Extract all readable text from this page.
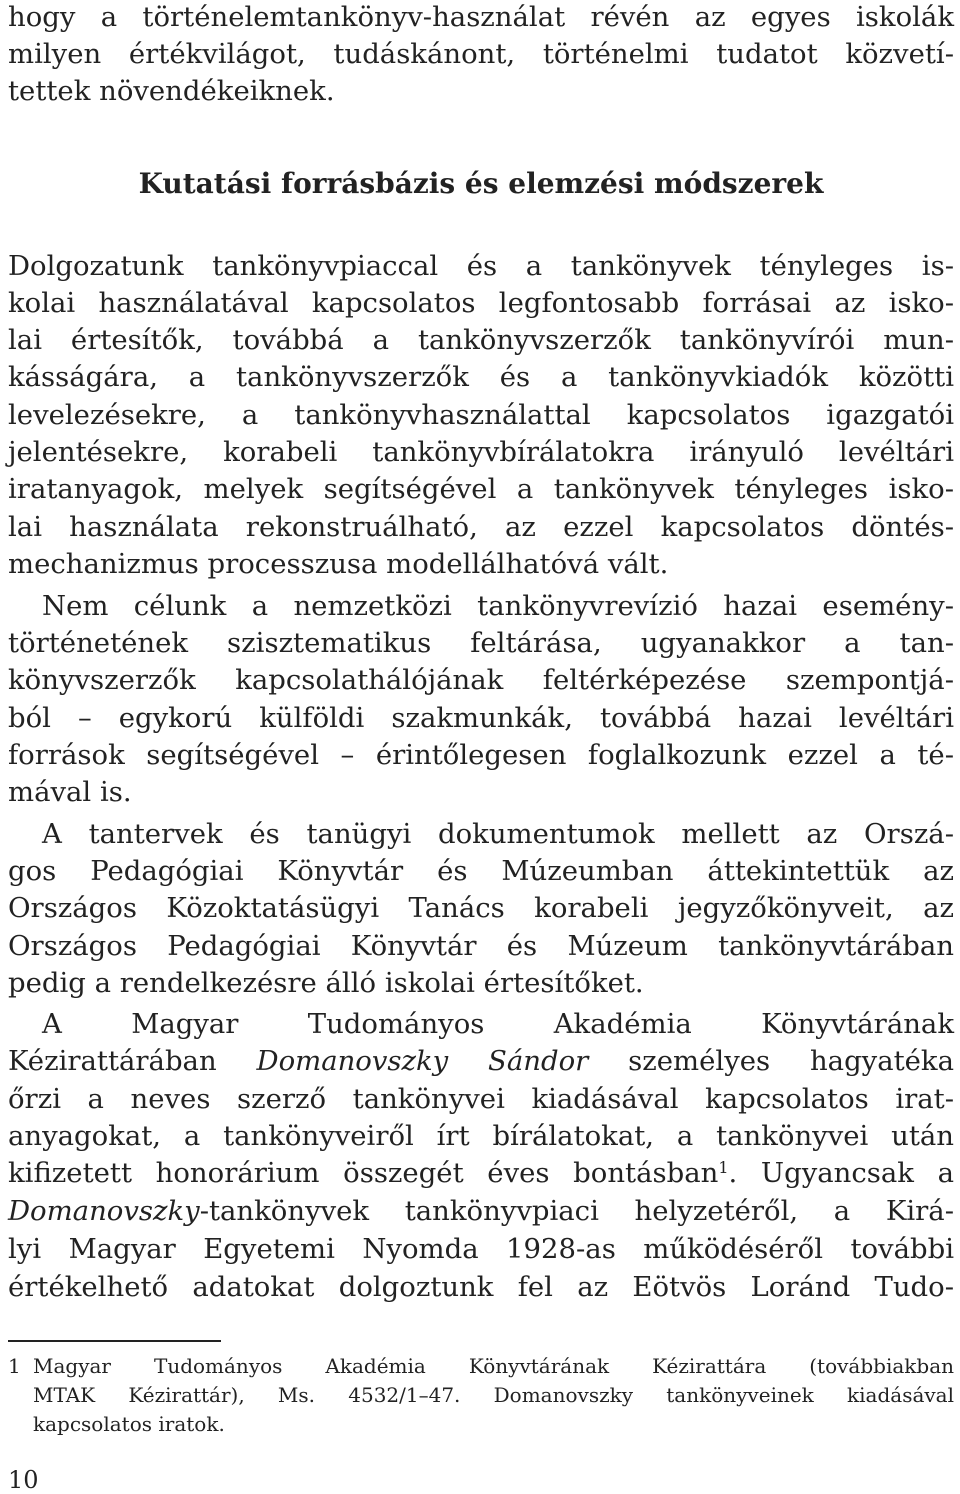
hogy a történelemtankönyv-használat révén az egyes iskolák
milyen értékvilágot, tudáskánont, történelmi tudatot közvetí-
tettek növendékeiknek.
Kutatási forrásbázis és elemzési módszerek
Dolgozatunk tankönyvpiaccal és a tankönyvek tényleges is-
kolai használatával kapcsolatos legfontosabb forrásai az isko-
lai értesítők, továbbá a tankönyvszerzők tankönyvírói mun-
kásságára, a tankönyvszerzők és a tankönyvkiadók közötti
levelezésekre, a tankönyvhasználattal kapcsolatos igazgatói
jelentésekre, korabeli tankönyvbírálatokra irányuló levéltári
iratanyagok, melyek segítségével a tankönyvek tényleges isko-
lai használata rekonstruálható, az ezzel kapcsolatos döntés-
mechanizmus processzusa modellálhatóvá vált.
Nem célunk a nemzetközi tankönyvrevízió hazai esemény-
történetének szisztematikus feltárása, ugyanakkor a tan-
könyvszerzők kapcsolathálójának feltérképezése szempontjá-
ból – egykorú külföldi szakmunkák, továbbá hazai levéltári
források segítségével – érintőlegesen foglalkozunk ezzel a té-
mával is.
A tantervek és tanügyi dokumentumok mellett az Orszá-
gos Pedagógiai Könyvtár és Múzeumban áttekintettük az
Országos Közoktatásügyi Tanács korabeli jegyzőkönyveit, az
Országos Pedagógiai Könyvtár és Múzeum tankönyvtárában
pedig a rendelkezésre álló iskolai értesítőket.
A Magyar Tudományos Akadémia Könyvtárának
Kézirattárában Domanovszky Sándor személyes hagyatéka
őrzi a neves szerző tankönyvei kiadásával kapcsolatos irat-
anyagokat, a tankönyveiről írt bírálatokat, a tankönyvei után
kifizetett honorárium összegét éves bontásban$^1$. Ugyancsak a
Domanovszky-tankönyvek tankönyvpiaci helyzetéről, a Kirá-
lyi Magyar Egyetemi Nyomda 1928-as működéséről további
értékelhető adatokat dolgoztunk fel az Eötvös Loránd Tudo-
1 Magyar Tudományos Akadémia Könyvtárának Kézirattára (továbbiakban
MTAK Kézirattár), Ms. 4532/1–47. Domanovszky tankönyveinek kiadásával
kapcsolatos iratok.
10
